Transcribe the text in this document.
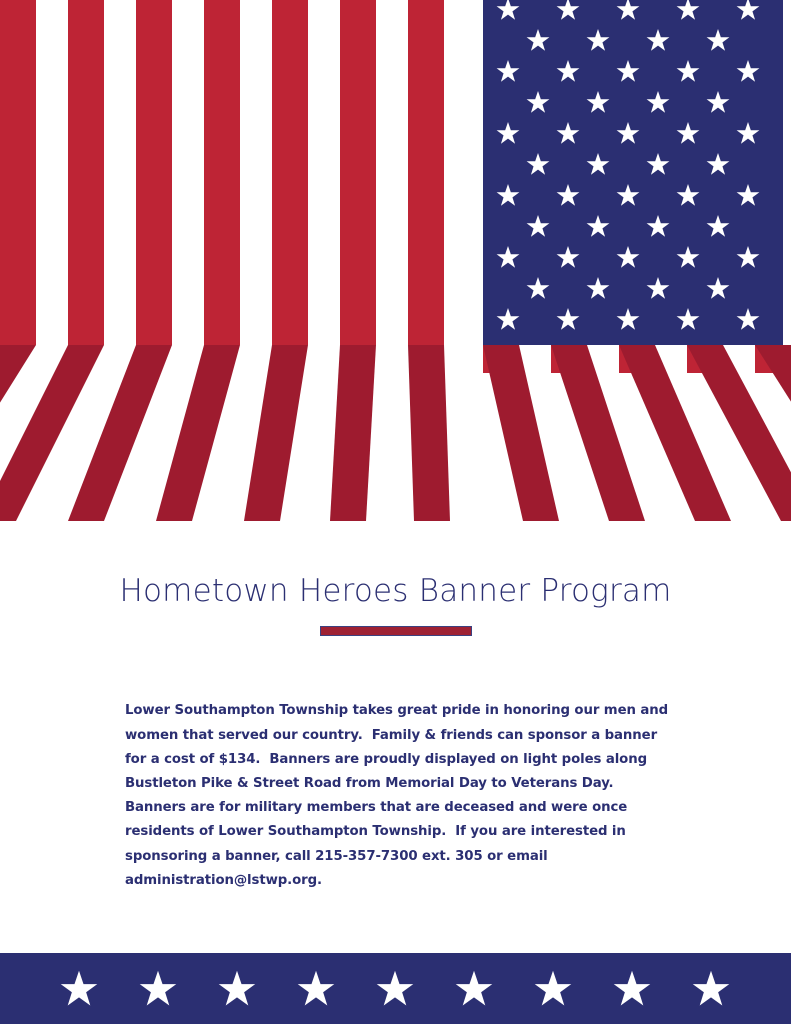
Hometown Heroes Banner Program

Lower Southampton Township takes great pride in honoring our men and women that served our country.  Family & friends can sponsor a banner for a cost of $134.  Banners are proudly displayed on light poles along Bustleton Pike & Street Road from Memorial Day to Veterans Day. Banners are for military members that are deceased and were once residents of Lower Southampton Township.  If you are interested in sponsoring a banner, call 215-357-7300 ext. 305 or email administration@lstwp.org.
